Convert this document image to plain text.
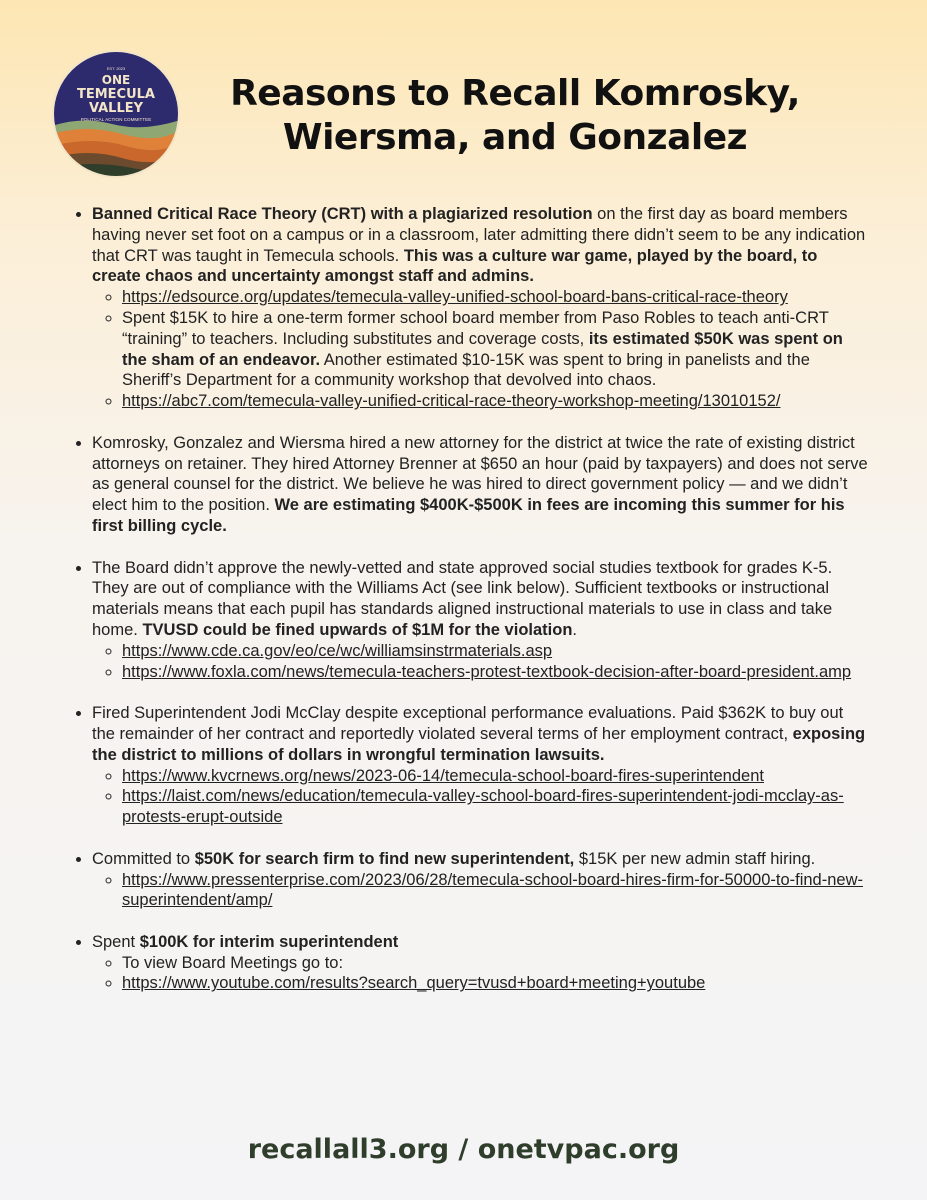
EST. 2023
ONE
TEMECULA
VALLEY
POLITICAL ACTION COMMITTEE
Reasons to Recall Komrosky,
Wiersma, and Gonzalez
• Banned Critical Race Theory (CRT) with a plagiarized resolution on the first day as board members having never set foot on a campus or in a classroom, later admitting there didn’t seem to be any indication that CRT was taught in Temecula schools. This was a culture war game, played by the board, to create chaos and uncertainty amongst staff and admins.
◦ https://edsource.org/updates/temecula-valley-unified-school-board-bans-critical-race-theory
◦ Spent $15K to hire a one-term former school board member from Paso Robles to teach anti-CRT “training” to teachers. Including substitutes and coverage costs, its estimated $50K was spent on the sham of an endeavor. Another estimated $10-15K was spent to bring in panelists and the Sheriff’s Department for a community workshop that devolved into chaos.
◦ https://abc7.com/temecula-valley-unified-critical-race-theory-workshop-meeting/13010152/
• Komrosky, Gonzalez and Wiersma hired a new attorney for the district at twice the rate of existing district attorneys on retainer. They hired Attorney Brenner at $650 an hour (paid by taxpayers) and does not serve as general counsel for the district. We believe he was hired to direct government policy — and we didn’t elect him to the position. We are estimating $400K-$500K in fees are incoming this summer for his first billing cycle.
• The Board didn’t approve the newly-vetted and state approved social studies textbook for grades K-5. They are out of compliance with the Williams Act (see link below). Sufficient textbooks or instructional materials means that each pupil has standards aligned instructional materials to use in class and take home. TVUSD could be fined upwards of $1M for the violation.
◦ https://www.cde.ca.gov/eo/ce/wc/williamsinstrmaterials.asp
◦ https://www.foxla.com/news/temecula-teachers-protest-textbook-decision-after-board-president.amp
• Fired Superintendent Jodi McClay despite exceptional performance evaluations. Paid $362K to buy out the remainder of her contract and reportedly violated several terms of her employment contract, exposing the district to millions of dollars in wrongful termination lawsuits.
◦ https://www.kvcrnews.org/news/2023-06-14/temecula-school-board-fires-superintendent
◦ https://laist.com/news/education/temecula-valley-school-board-fires-superintendent-jodi-mcclay-as-protests-erupt-outside
• Committed to $50K for search firm to find new superintendent, $15K per new admin staff hiring.
◦ https://www.pressenterprise.com/2023/06/28/temecula-school-board-hires-firm-for-50000-to-find-new-superintendent/amp/
• Spent $100K for interim superintendent
◦ To view Board Meetings go to:
◦ https://www.youtube.com/results?search_query=tvusd+board+meeting+youtube
recallall3.org / onetvpac.org
